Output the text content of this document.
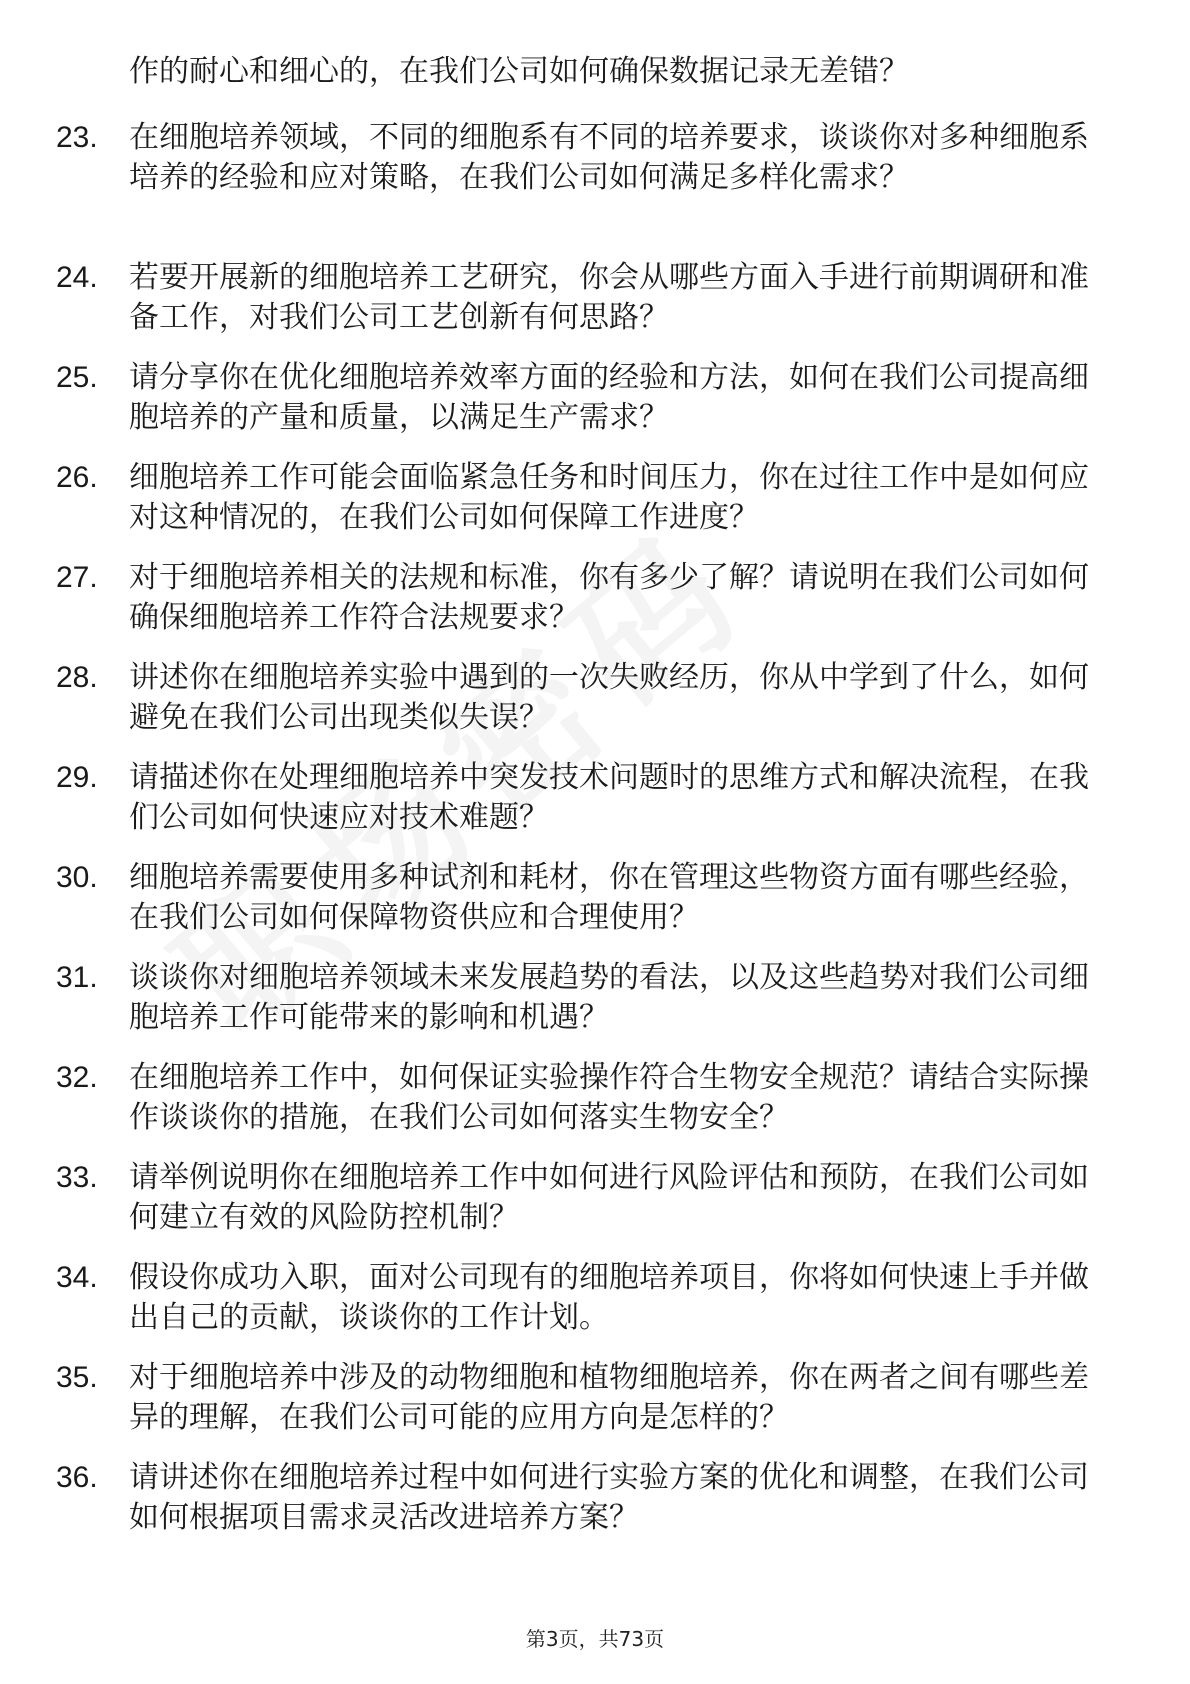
作的耐心和细心的，在我们公司如何确保数据记录无差错？
23.	在细胞培养领域，不同的细胞系有不同的培养要求，谈谈你对多种细胞系培养的经验和应对策略，在我们公司如何满足多样化需求？
24.	若要开展新的细胞培养工艺研究，你会从哪些方面入手进行前期调研和准备工作，对我们公司工艺创新有何思路？
25.	请分享你在优化细胞培养效率方面的经验和方法，如何在我们公司提高细胞培养的产量和质量，以满足生产需求？
26.	细胞培养工作可能会面临紧急任务和时间压力，你在过往工作中是如何应对这种情况的，在我们公司如何保障工作进度？
27.	对于细胞培养相关的法规和标准，你有多少了解？请说明在我们公司如何确保细胞培养工作符合法规要求？
28.	讲述你在细胞培养实验中遇到的一次失败经历，你从中学到了什么，如何避免在我们公司出现类似失误？
29.	请描述你在处理细胞培养中突发技术问题时的思维方式和解决流程，在我们公司如何快速应对技术难题？
30.	细胞培养需要使用多种试剂和耗材，你在管理这些物资方面有哪些经验，在我们公司如何保障物资供应和合理使用？
31.	谈谈你对细胞培养领域未来发展趋势的看法，以及这些趋势对我们公司细胞培养工作可能带来的影响和机遇？
32.	在细胞培养工作中，如何保证实验操作符合生物安全规范？请结合实际操作谈谈你的措施，在我们公司如何落实生物安全？
33.	请举例说明你在细胞培养工作中如何进行风险评估和预防，在我们公司如何建立有效的风险防控机制？
34.	假设你成功入职，面对公司现有的细胞培养项目，你将如何快速上手并做出自己的贡献，谈谈你的工作计划。
35.	对于细胞培养中涉及的动物细胞和植物细胞培养，你在两者之间有哪些差异的理解，在我们公司可能的应用方向是怎样的？
36.	请讲述你在细胞培养过程中如何进行实验方案的优化和调整，在我们公司如何根据项目需求灵活改进培养方案？
第3页，共73页
